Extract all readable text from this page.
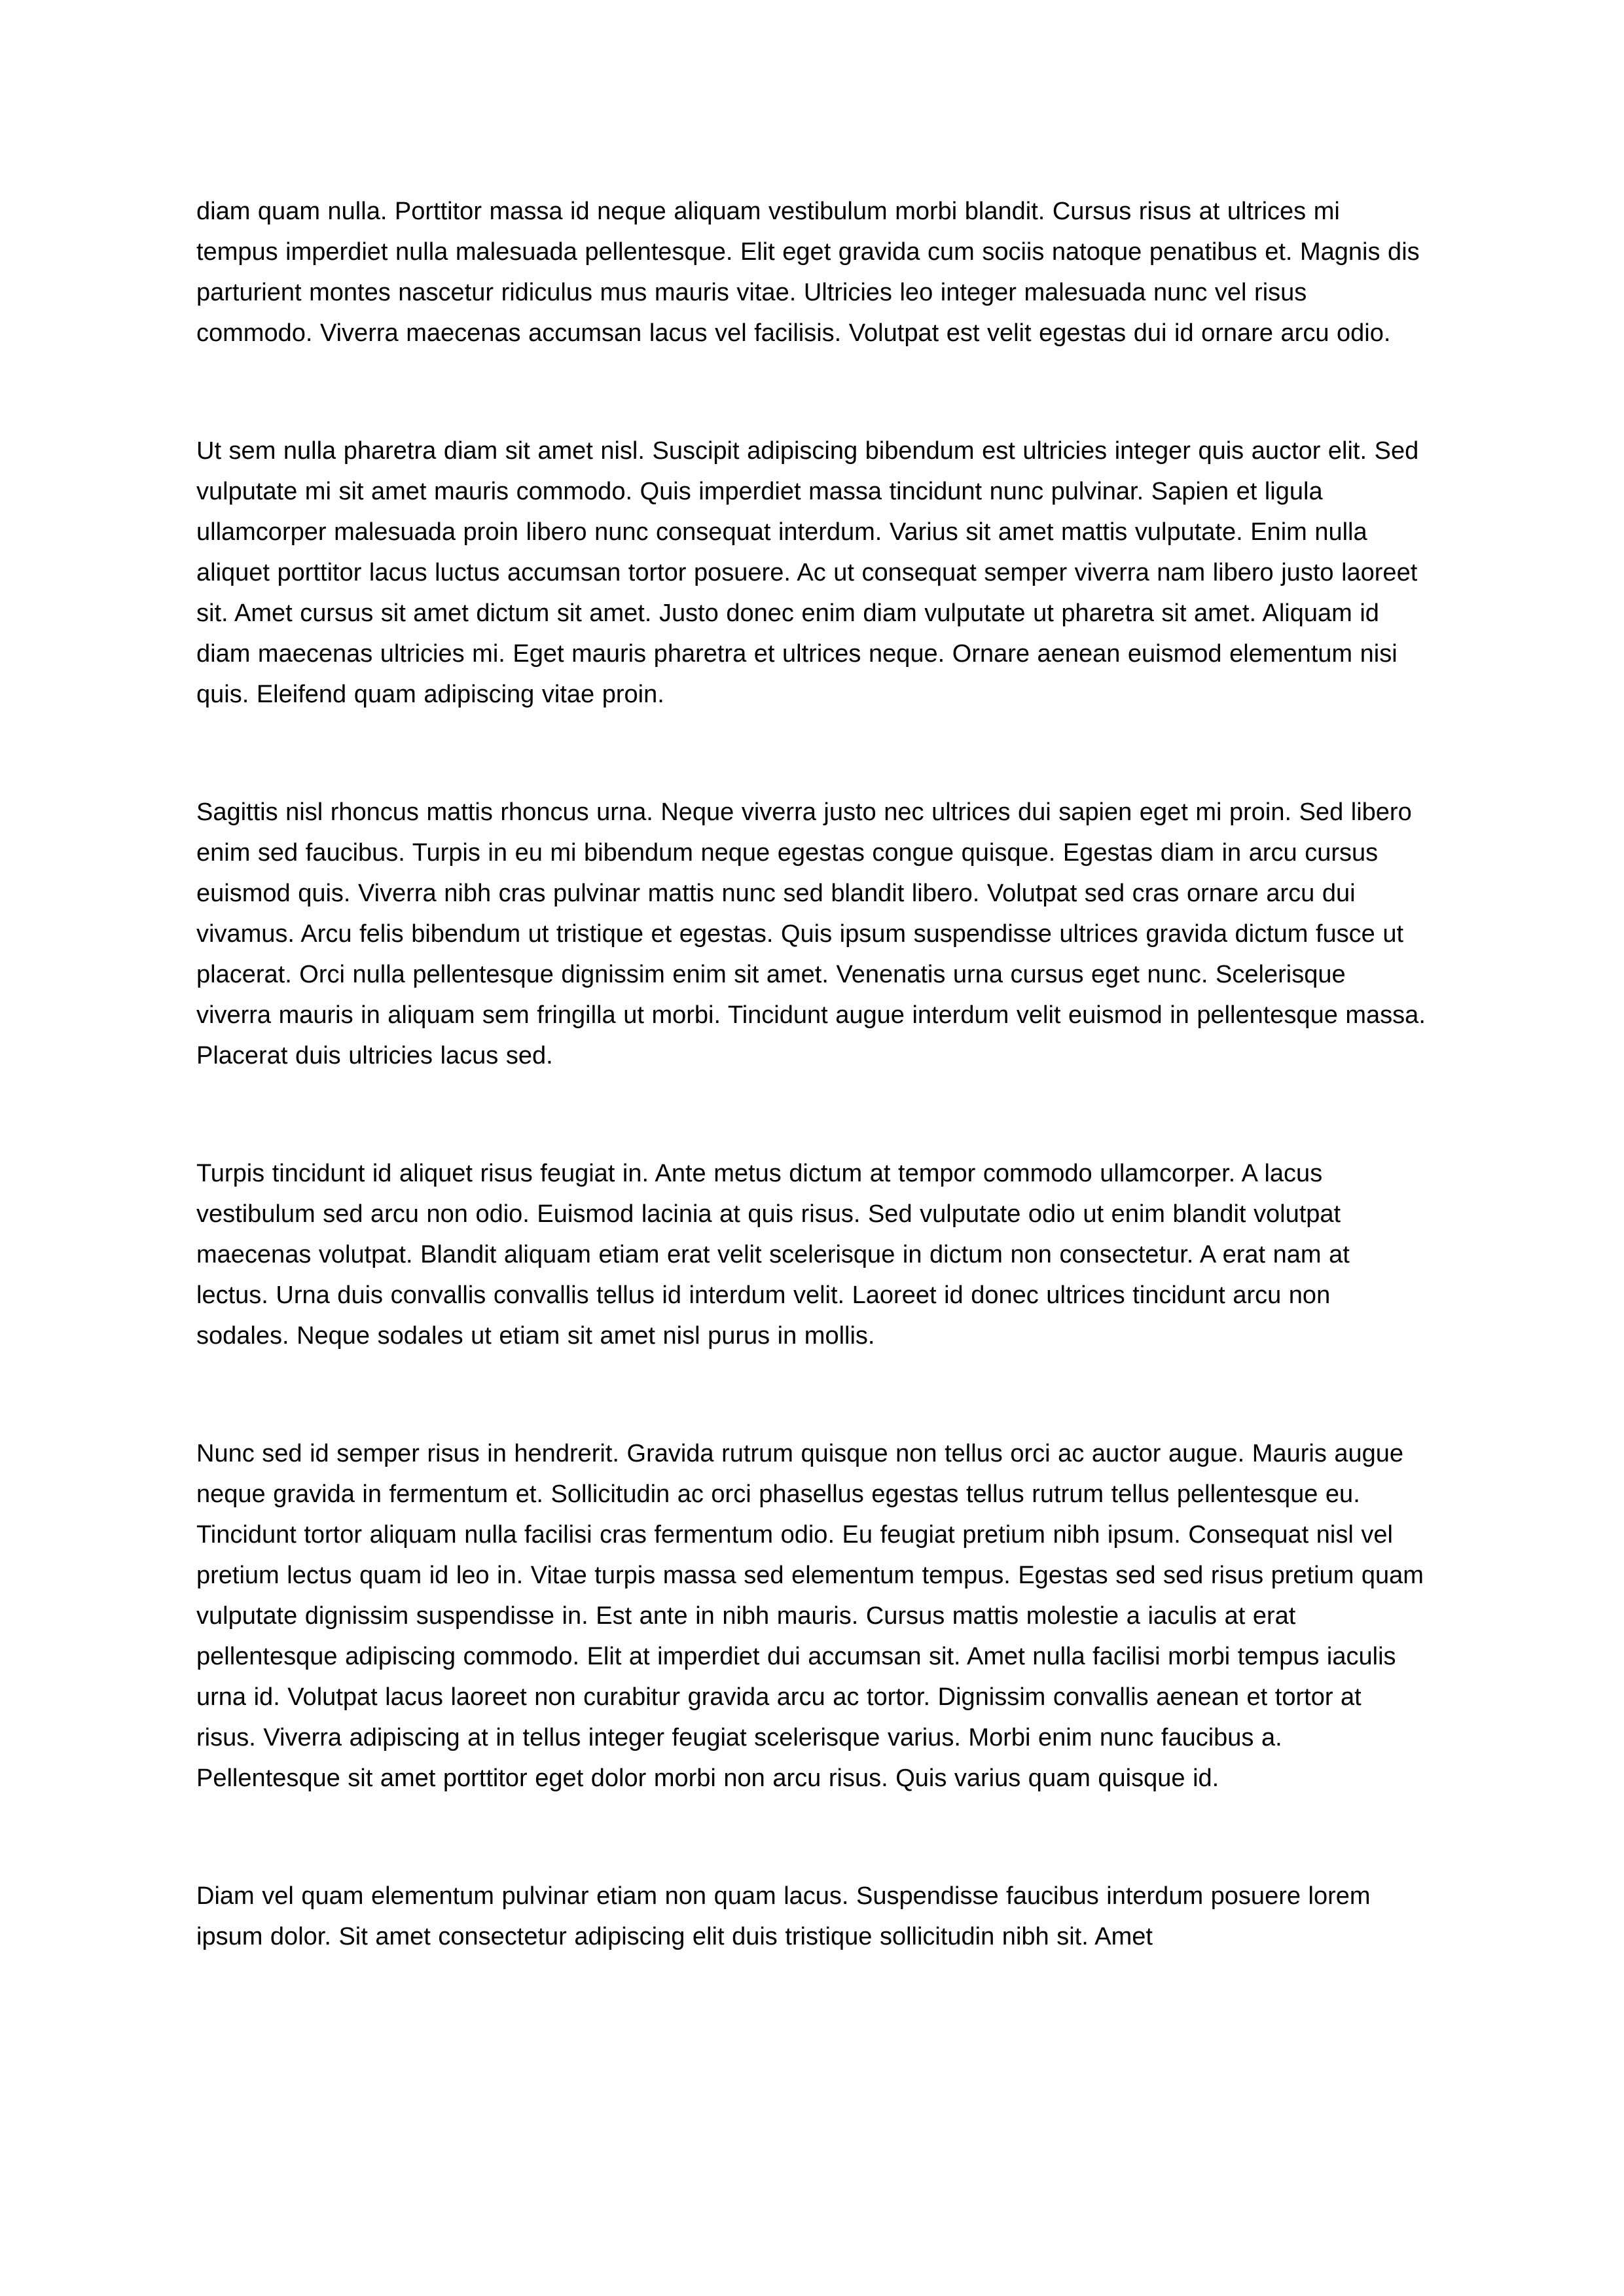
diam quam nulla. Porttitor massa id neque aliquam vestibulum morbi blandit. Cursus risus at ultrices mi tempus imperdiet nulla malesuada pellentesque. Elit eget gravida cum sociis natoque penatibus et. Magnis dis parturient montes nascetur ridiculus mus mauris vitae. Ultricies leo integer malesuada nunc vel risus commodo. Viverra maecenas accumsan lacus vel facilisis. Volutpat est velit egestas dui id ornare arcu odio.

Ut sem nulla pharetra diam sit amet nisl. Suscipit adipiscing bibendum est ultricies integer quis auctor elit. Sed vulputate mi sit amet mauris commodo. Quis imperdiet massa tincidunt nunc pulvinar. Sapien et ligula ullamcorper malesuada proin libero nunc consequat interdum. Varius sit amet mattis vulputate. Enim nulla aliquet porttitor lacus luctus accumsan tortor posuere. Ac ut consequat semper viverra nam libero justo laoreet sit. Amet cursus sit amet dictum sit amet. Justo donec enim diam vulputate ut pharetra sit amet. Aliquam id diam maecenas ultricies mi. Eget mauris pharetra et ultrices neque. Ornare aenean euismod elementum nisi quis. Eleifend quam adipiscing vitae proin.

Sagittis nisl rhoncus mattis rhoncus urna. Neque viverra justo nec ultrices dui sapien eget mi proin. Sed libero enim sed faucibus. Turpis in eu mi bibendum neque egestas congue quisque. Egestas diam in arcu cursus euismod quis. Viverra nibh cras pulvinar mattis nunc sed blandit libero. Volutpat sed cras ornare arcu dui vivamus. Arcu felis bibendum ut tristique et egestas. Quis ipsum suspendisse ultrices gravida dictum fusce ut placerat. Orci nulla pellentesque dignissim enim sit amet. Venenatis urna cursus eget nunc. Scelerisque viverra mauris in aliquam sem fringilla ut morbi. Tincidunt augue interdum velit euismod in pellentesque massa. Placerat duis ultricies lacus sed.

Turpis tincidunt id aliquet risus feugiat in. Ante metus dictum at tempor commodo ullamcorper. A lacus vestibulum sed arcu non odio. Euismod lacinia at quis risus. Sed vulputate odio ut enim blandit volutpat maecenas volutpat. Blandit aliquam etiam erat velit scelerisque in dictum non consectetur. A erat nam at lectus. Urna duis convallis convallis tellus id interdum velit. Laoreet id donec ultrices tincidunt arcu non sodales. Neque sodales ut etiam sit amet nisl purus in mollis.

Nunc sed id semper risus in hendrerit. Gravida rutrum quisque non tellus orci ac auctor augue. Mauris augue neque gravida in fermentum et. Sollicitudin ac orci phasellus egestas tellus rutrum tellus pellentesque eu. Tincidunt tortor aliquam nulla facilisi cras fermentum odio. Eu feugiat pretium nibh ipsum. Consequat nisl vel pretium lectus quam id leo in. Vitae turpis massa sed elementum tempus. Egestas sed sed risus pretium quam vulputate dignissim suspendisse in. Est ante in nibh mauris. Cursus mattis molestie a iaculis at erat pellentesque adipiscing commodo. Elit at imperdiet dui accumsan sit. Amet nulla facilisi morbi tempus iaculis urna id. Volutpat lacus laoreet non curabitur gravida arcu ac tortor. Dignissim convallis aenean et tortor at risus. Viverra adipiscing at in tellus integer feugiat scelerisque varius. Morbi enim nunc faucibus a. Pellentesque sit amet porttitor eget dolor morbi non arcu risus. Quis varius quam quisque id.

Diam vel quam elementum pulvinar etiam non quam lacus. Suspendisse faucibus interdum posuere lorem ipsum dolor. Sit amet consectetur adipiscing elit duis tristique sollicitudin nibh sit. Amet
